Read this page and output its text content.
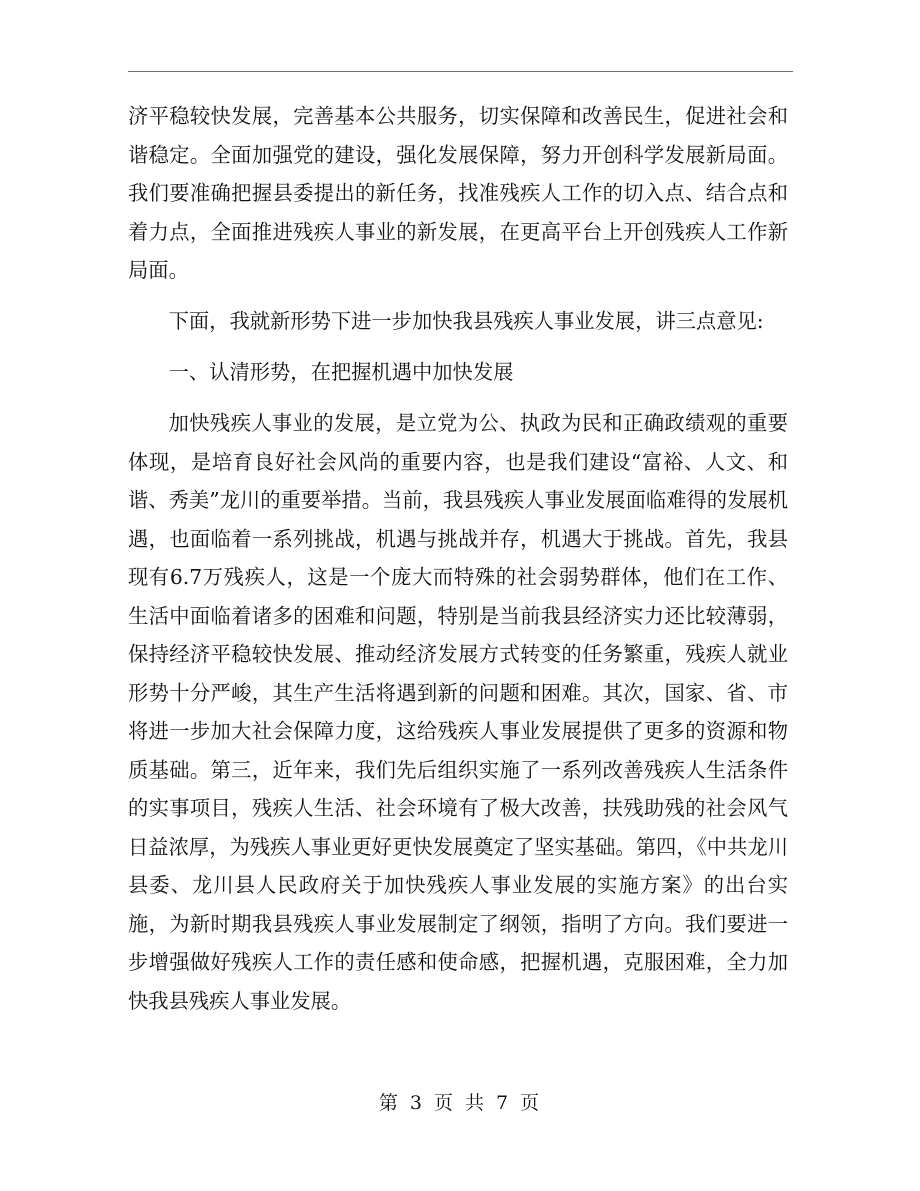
济平稳较快发展，完善基本公共服务，切实保障和改善民生，促进社会和谐稳定。全面加强党的建设，强化发展保障，努力开创科学发展新局面。我们要准确把握县委提出的新任务，找准残疾人工作的切入点、结合点和着力点，全面推进残疾人事业的新发展，在更高平台上开创残疾人工作新局面。

下面，我就新形势下进一步加快我县残疾人事业发展，讲三点意见:

一、认清形势，在把握机遇中加快发展

加快残疾人事业的发展，是立党为公、执政为民和正确政绩观的重要体现，是培育良好社会风尚的重要内容，也是我们建设“富裕、人文、和谐、秀美”龙川的重要举措。当前，我县残疾人事业发展面临难得的发展机遇，也面临着一系列挑战，机遇与挑战并存，机遇大于挑战。首先，我县现有6.7万残疾人，这是一个庞大而特殊的社会弱势群体，他们在工作、生活中面临着诸多的困难和问题，特别是当前我县经济实力还比较薄弱，保持经济平稳较快发展、推动经济发展方式转变的任务繁重，残疾人就业形势十分严峻，其生产生活将遇到新的问题和困难。其次，国家、省、市将进一步加大社会保障力度，这给残疾人事业发展提供了更多的资源和物质基础。第三，近年来，我们先后组织实施了一系列改善残疾人生活条件的实事项目，残疾人生活、社会环境有了极大改善，扶残助残的社会风气日益浓厚，为残疾人事业更好更快发展奠定了坚实基础。第四，《中共龙川县委、龙川县人民政府关于加快残疾人事业发展的实施方案》的出台实施，为新时期我县残疾人事业发展制定了纲领，指明了方向。我们要进一步增强做好残疾人工作的责任感和使命感，把握机遇，克服困难，全力加快我县残疾人事业发展。

第 3 页 共 7 页
